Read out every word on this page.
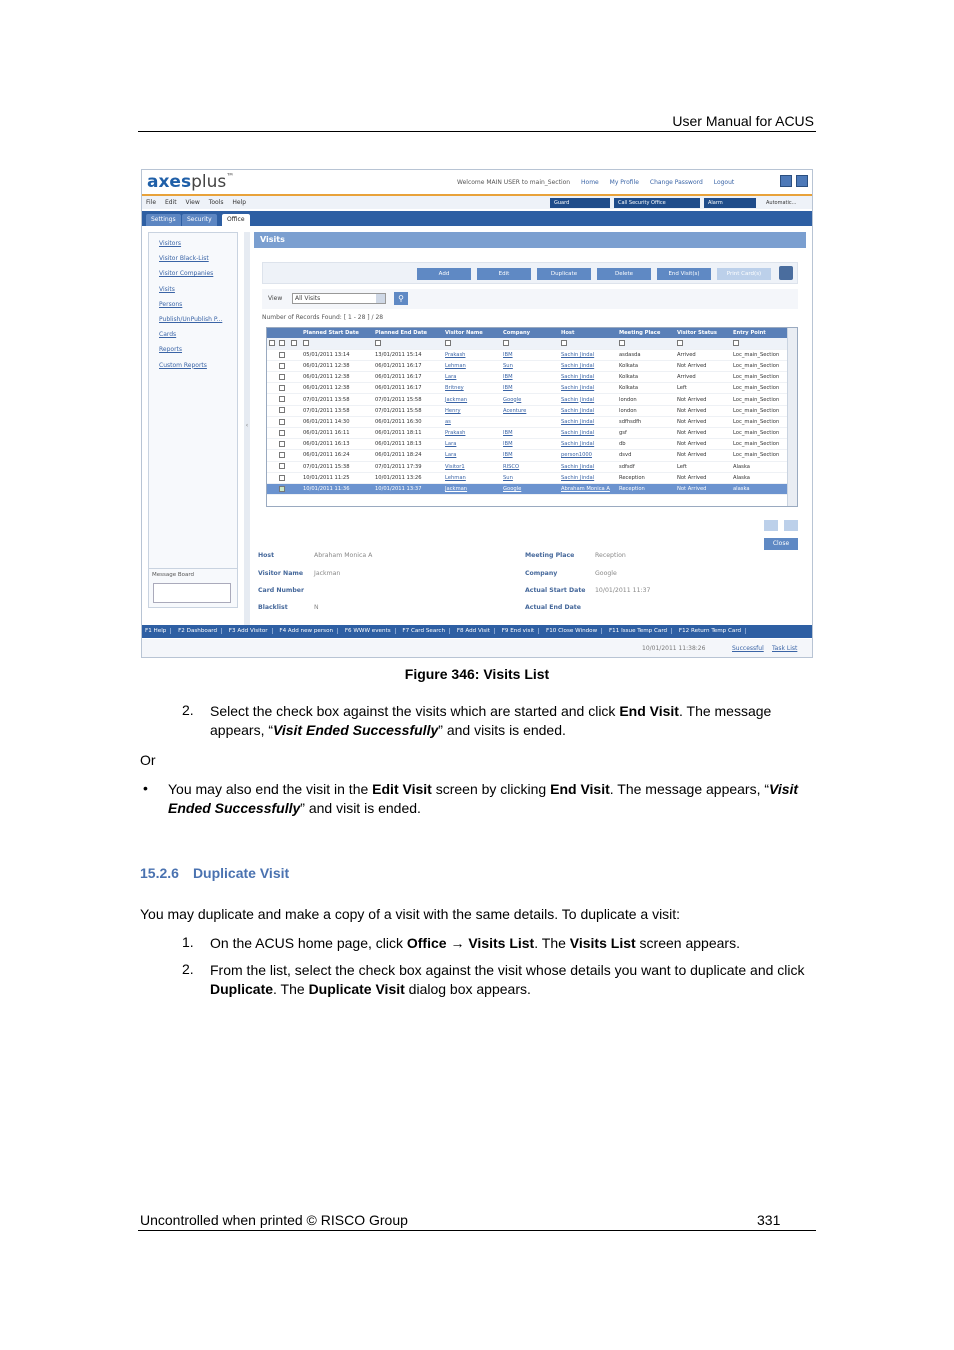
User Manual for ACUS
axesplus™
Welcome MAIN USER to main_Section Home My Profile Change Password Logout
File Edit View Tools Help	Guard	Call Security Office	Alarm	Automatic...
Settings	Security	Office
Visitors
Visitor Black-List
Visitor Companies
Visits
Persons
Publish/UnPublish P...
Cards
Reports
Custom Reports
Message Board
‹
Visits
Add	Edit	Duplicate	Delete	End Visit(s)	Print Card(s)
View	All Visits	⚲
Number of Records Found: [ 1 - 28 ] / 28
			Planned Start Date	Planned End Date	Visitor Name	Company	Host	Meeting Place	Visitor Status	Entry Point

			05/01/2011 13:14	13/01/2011 15:14	Prakash	IBM	Sachin Jindal	asdasda	Arrived	Loc_main_Section
			06/01/2011 12:38	06/01/2011 16:17	Lehman	Sun	Sachin Jindal	Kolkata	Not Arrived	Loc_main_Section
			06/01/2011 12:38	06/01/2011 16:17	Lara	IBM	Sachin Jindal	Kolkata	Arrived	Loc_main_Section
			06/01/2011 12:38	06/01/2011 16:17	Britney	IBM	Sachin Jindal	Kolkata	Left	Loc_main_Section
			07/01/2011 13:58	07/01/2011 15:58	Jackman	Google	Sachin Jindal	london	Not Arrived	Loc_main_Section
			07/01/2011 13:58	07/01/2011 15:58	Henry	Acenture	Sachin Jindal	london	Not Arrived	Loc_main_Section
			06/01/2011 14:30	06/01/2011 16:30	as		Sachin Jindal	sdfhsdfh	Not Arrived	Loc_main_Section
			06/01/2011 16:11	06/01/2011 18:11	Prakash	IBM	Sachin Jindal	gsf	Not Arrived	Loc_main_Section
			06/01/2011 16:13	06/01/2011 18:13	Lara	IBM	Sachin Jindal	db	Not Arrived	Loc_main_Section
			06/01/2011 16:24	06/01/2011 18:24	Lara	IBM	person1000	dsvd	Not Arrived	Loc_main_Section
			07/01/2011 15:38	07/01/2011 17:39	Visitor1	RISCO	Sachin Jindal	sdfsdf	Left	Alaska
			10/01/2011 11:25	10/01/2011 13:26	Lehman	Sun	Sachin Jindal	Reception	Not Arrived	Alaska
			10/01/2011 11:36	10/01/2011 13:37	Jackman	Google	Abraham Monica A	Reception	Not Arrived	alaska
Close
Host	Abraham Monica A
Visitor Name Jackman
Card Number
Blacklist	N
Meeting Place	Reception
Company	Google
Actual Start Date 10/01/2011 11:37
Actual End Date
F1 Help F2 Dashboard F3 Add Visitor F4 Add new person F6 WWW events F7 Card Search F8 Add Visit F9 End visit F10 Close Window F11 Issue Temp Card F12 Return Temp Card
10/01/2011 11:38:26	Successful Task List
Figure 346: Visits List
2. Select the check box against the visits which are started and click End Visit. The message appears, “Visit Ended Successfully” and visits is ended.
Or
• You may also end the visit in the Edit Visit screen by clicking End Visit. The message appears, “Visit Ended Successfully” and visit is ended.
15.2.6 Duplicate Visit
You may duplicate and make a copy of a visit with the same details. To duplicate a visit:
1. On the ACUS home page, click Office → Visits List. The Visits List screen appears.
2. From the list, select the check box against the visit whose details you want to duplicate and click Duplicate. The Duplicate Visit dialog box appears.
Uncontrolled when printed © RISCO Group	331
